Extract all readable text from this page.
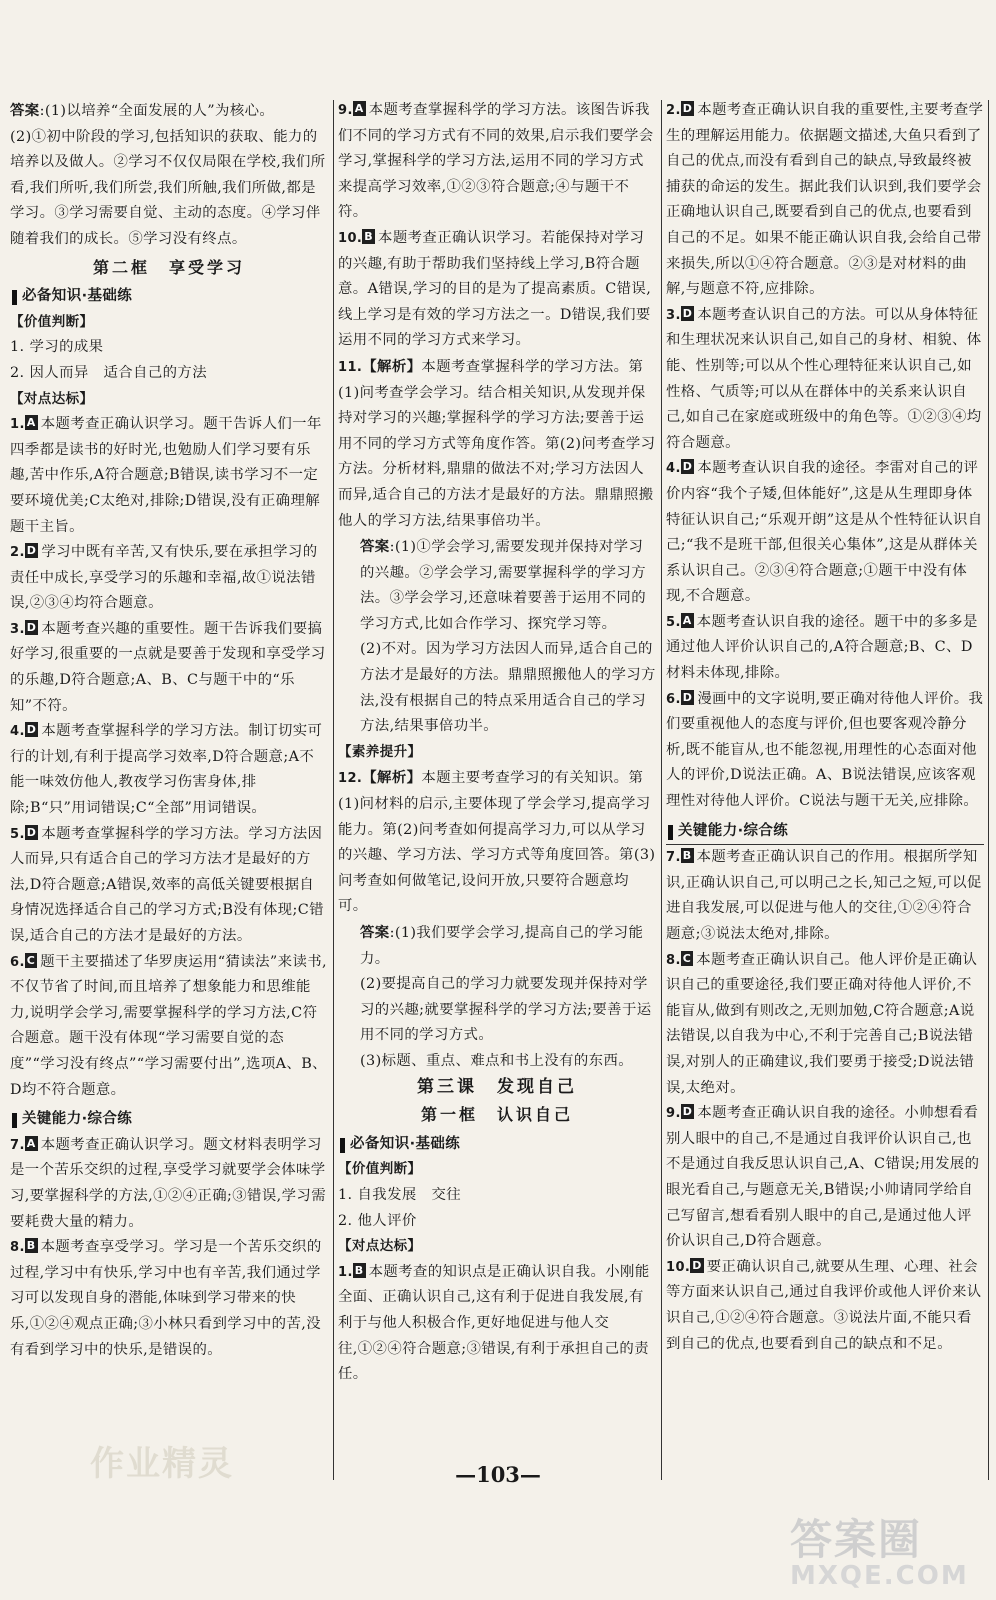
答案:(1)以培养“全面发展的人”为核心。
(2)①初中阶段的学习,包括知识的获取、能力的培养以及做人。②学习不仅仅局限在学校,我们所看,我们所听,我们所尝,我们所触,我们所做,都是学习。③学习需要自觉、主动的态度。④学习伴随着我们的成长。⑤学习没有终点。
第二框　享受学习
必备知识·基础练
【价值判断】
1. 学习的成果
2. 因人而异　适合自己的方法
【对点达标】
1. A 本题考查正确认识学习。题干告诉人们一年四季都是读书的好时光,也勉励人们学习要有乐趣,苦中作乐,A符合题意;B错误,读书学习不一定要环境优美;C太绝对,排除;D错误,没有正确理解题干主旨。
2. D 学习中既有辛苦,又有快乐,要在承担学习的责任中成长,享受学习的乐趣和幸福,故①说法错误,②③④均符合题意。
3. D 本题考查兴趣的重要性。题干告诉我们要搞好学习,很重要的一点就是要善于发现和享受学习的乐趣,D符合题意;A、B、C与题干中的“乐知”不符。
4. D 本题考查掌握科学的学习方法。制订切实可行的计划,有利于提高学习效率,D符合题意;A不能一味效仿他人,教夜学习伤害身体,排除;B“只”用词错误;C“全部”用词错误。
5. D 本题考查掌握科学的学习方法。学习方法因人而异,只有适合自己的学习方法才是最好的方法,D符合题意;A错误,效率的高低关键要根据自身情况选择适合自己的学习方式;B没有体现;C错误,适合自己的方法才是最好的方法。
6. C 题干主要描述了华罗庚运用“猜读法”来读书,不仅节省了时间,而且培养了想象能力和思维能力,说明学会学习,需要掌握科学的学习方法,C符合题意。题干没有体现“学习需要自觉的态度”“学习没有终点”“学习需要付出”,选项A、B、D均不符合题意。
关键能力·综合练
7. A 本题考查正确认识学习。题文材料表明学习是一个苦乐交织的过程,享受学习就要学会体味学习,要掌握科学的方法,①②④正确;③错误,学习需要耗费大量的精力。
8. B 本题考查享受学习。学习是一个苦乐交织的过程,学习中有快乐,学习中也有辛苦,我们通过学习可以发现自身的潜能,体味到学习带来的快乐,①②④观点正确;③小林只看到学习中的苦,没有看到学习中的快乐,是错误的。
9. A 本题考查掌握科学的学习方法。该图告诉我们不同的学习方式有不同的效果,启示我们要学会学习,掌握科学的学习方法,运用不同的学习方式来提高学习效率,①②③符合题意;④与题干不符。
10. B 本题考查正确认识学习。若能保持对学习的兴趣,有助于帮助我们坚持线上学习,B符合题意。A错误,学习的目的是为了提高素质。C错误,线上学习是有效的学习方法之一。D错误,我们要运用不同的学习方式来学习。
11.【解析】本题考查掌握科学的学习方法。第(1)问考查学会学习。结合相关知识,从发现并保持对学习的兴趣;掌握科学的学习方法;要善于运用不同的学习方式等角度作答。第(2)问考查学习方法。分析材料,鼎鼎的做法不对;学习方法因人而异,适合自己的方法才是最好的方法。鼎鼎照搬他人的学习方法,结果事倍功半。
答案:(1)①学会学习,需要发现并保持对学习的兴趣。②学会学习,需要掌握科学的学习方法。③学会学习,还意味着要善于运用不同的学习方式,比如合作学习、探究学习等。
(2)不对。因为学习方法因人而异,适合自己的方法才是最好的方法。鼎鼎照搬他人的学习方法,没有根据自己的特点采用适合自己的学习方法,结果事倍功半。
【素养提升】
12.【解析】本题主要考查学习的有关知识。第(1)问材料的启示,主要体现了学会学习,提高学习能力。第(2)问考查如何提高学习力,可以从学习的兴趣、学习方法、学习方式等角度回答。第(3)问考查如何做笔记,设问开放,只要符合题意均可。
答案:(1)我们要学会学习,提高自己的学习能力。
(2)要提高自己的学习力就要发现并保持对学习的兴趣;就要掌握科学的学习方法;要善于运用不同的学习方式。
(3)标题、重点、难点和书上没有的东西。
第三课　发现自己
第一框　认识自己
必备知识·基础练
【价值判断】
1. 自我发展　交往
2. 他人评价
【对点达标】
1. B 本题考查的知识点是正确认识自我。小刚能全面、正确认识自己,这有利于促进自我发展,有利于与他人积极合作,更好地促进与他人交往,①②④符合题意;③错误,有利于承担自己的责任。
2. D 本题考查正确认识自我的重要性,主要考查学生的理解运用能力。依据题文描述,大鱼只看到了自己的优点,而没有看到自己的缺点,导致最终被捕获的命运的发生。据此我们认识到,我们要学会正确地认识自己,既要看到自己的优点,也要看到自己的不足。如果不能正确认识自我,会给自己带来损失,所以①④符合题意。②③是对材料的曲解,与题意不符,应排除。
3. D 本题考查认识自己的方法。可以从身体特征和生理状况来认识自己,如自己的身材、相貌、体能、性别等;可以从个性心理特征来认识自己,如性格、气质等;可以从在群体中的关系来认识自己,如自己在家庭或班级中的角色等。①②③④均符合题意。
4. D 本题考查认识自我的途径。李雷对自己的评价内容“我个子矮,但体能好”,这是从生理即身体特征认识自己;“乐观开朗”这是从个性特征认识自己;“我不是班干部,但很关心集体”,这是从群体关系认识自己。②③④符合题意;①题干中没有体现,不合题意。
5. A 本题考查认识自我的途径。题干中的多多是通过他人评价认识自己的,A符合题意;B、C、D材料未体现,排除。
6. D 漫画中的文字说明,要正确对待他人评价。我们要重视他人的态度与评价,但也要客观冷静分析,既不能盲从,也不能忽视,用理性的心态面对他人的评价,D说法正确。A、B说法错误,应该客观理性对待他人评价。C说法与题干无关,应排除。
关键能力·综合练
7. B 本题考查正确认识自己的作用。根据所学知识,正确认识自己,可以明己之长,知己之短,可以促进自我发展,可以促进与他人的交往,①②④符合题意;③说法太绝对,排除。
8. C 本题考查正确认识自己。他人评价是正确认识自己的重要途径,我们要正确对待他人评价,不能盲从,做到有则改之,无则加勉,C符合题意;A说法错误,以自我为中心,不利于完善自己;B说法错误,对别人的正确建议,我们要勇于接受;D说法错误,太绝对。
9. D 本题考查正确认识自我的途径。小帅想看看别人眼中的自己,不是通过自我评价认识自己,也不是通过自我反思认识自己,A、C错误;用发展的眼光看自己,与题意无关,B错误;小帅请同学给自己写留言,想看看别人眼中的自己,是通过他人评价认识自己,D符合题意。
10. D 要正确认识自己,就要从生理、心理、社会等方面来认识自己,通过自我评价或他人评价来认识自己,①②④符合题意。③说法片面,不能只看到自己的优点,也要看到自己的缺点和不足。
作业精灵	—103—
答案圈
MXQE.COM
